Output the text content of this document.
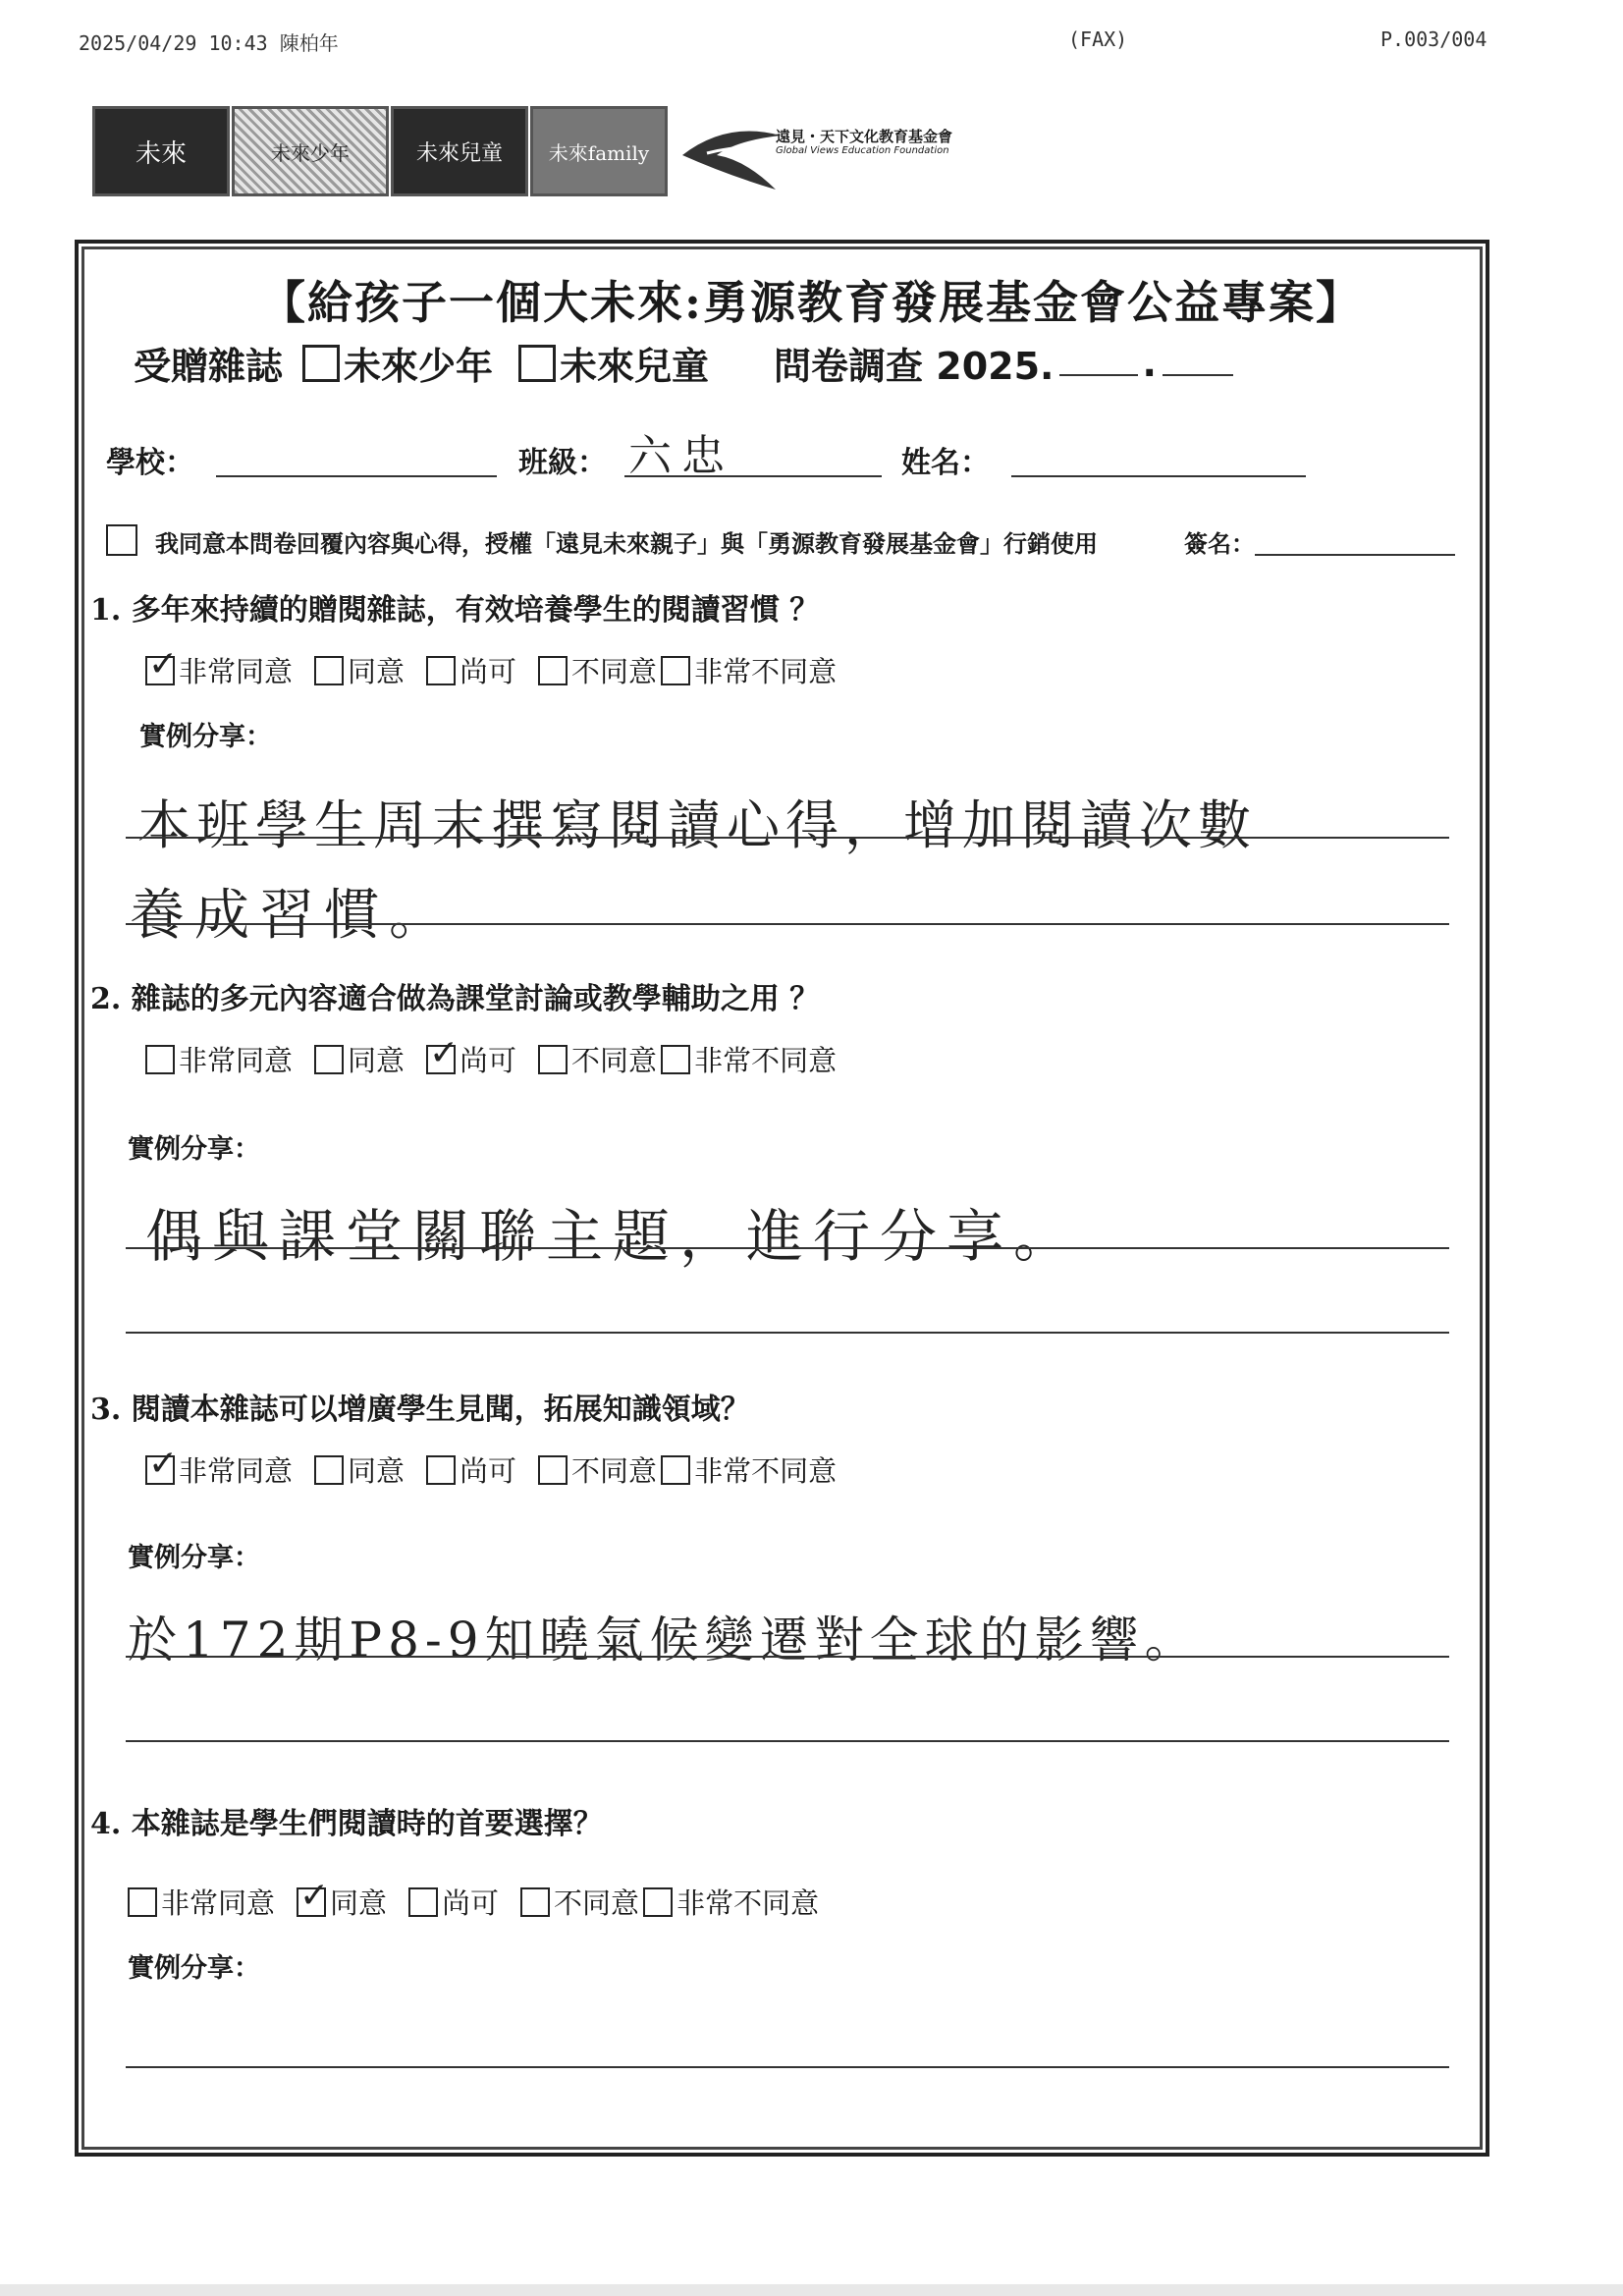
2025/04/29 10:43 陳柏年	(FAX)	P.003/004
未來	未來少年	未來兒童	未來family
遠見・天下文化教育基金會
Global Views Education Foundation
【給孩子一個大未來:勇源教育發展基金會公益專案】
受贈雜誌 未來少年 未來兒童 問卷調查 2025. .
學校：	班級： 六忠	姓名：
我同意本問卷回覆內容與心得，授權「遠見未來親子」與「勇源教育發展基金會」行銷使用	簽名：
1. 多年來持續的贈閱雜誌，有效培養學生的閱讀習慣 ？
✓
非常同意 同意 尚可 不同意 非常不同意
實例分享：
本班學生周末撰寫閱讀心得，增加閱讀次數
養成習慣。
2. 雜誌的多元內容適合做為課堂討論或教學輔助之用 ？
非常同意 同意 ✓ 尚可 不同意 非常不同意
實例分享：
偶與課堂關聯主題，進行分享。
3. 閱讀本雜誌可以增廣學生見聞，拓展知識領域？
✓
非常同意 同意 尚可 不同意 非常不同意
實例分享：
於172期P8-9知曉氣候變遷對全球的影響。
4. 本雜誌是學生們閱讀時的首要選擇？
非常同意 ✓ 同意 尚可 不同意 非常不同意
實例分享：
